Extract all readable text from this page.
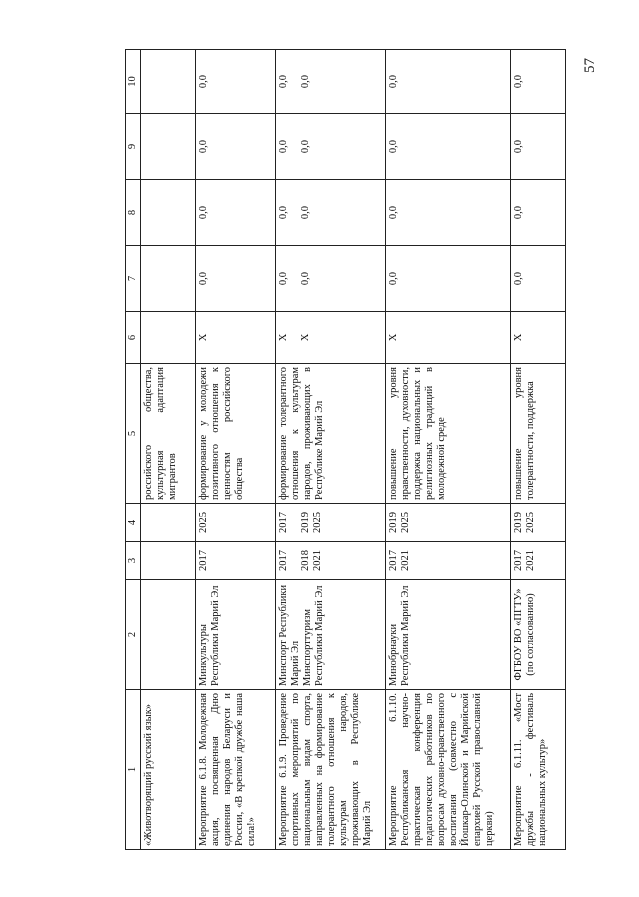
57
1	2	3	4	5	6	7	8	9	10
«Животворящий русский язык»				российского общества, культурная адаптация мигрантов					
Мероприятие 6.1.8. Молодежная акция, посвященная Дню единения народов Беларуси и России, «В крепкой дружбе наша сила!»	Минкультуры Республики Марий Эл	2017	2025	формирование у молодежи позитивного отношения к ценностям российского общества	X	0,0	0,0	0,0	0,0
Мероприятие 6.1.9. Проведение спортивных мероприятий по национальным видам спорта, направленных на формирование толерантного отношения к культурам народов, проживающих в Республике Марий Эл	Минспорт Республики Марий Эл Минспорттуризм Республики Марий Эл	2017 2018 2021	2017 2019 2025	формирование толерантного отношения к культурам народов, проживающих в Республике Марий Эл	X X	0,0 0,0	0,0 0,0	0,0 0,0	0,0 0,0

Мероприятие 6.1.10. Республиканская научно-практическая конференция педагогических работников по вопросам духовно-нравственного воспитания (совместно с Йошкар-Олинской и Марийской епархией Русской православной церкви)	Минобрнауки Республики Марий Эл	2017 2021	2019 2025	повышение уровня нравственности, духовности, поддержка национальных и религиозных традиций в молодежной среде	X	0,0	0,0	0,0	0,0
Мероприятие 6.1.11. «Мост дружбы - фестиваль национальных культур»	ФГБОУ ВО «ПГТУ» (по согласованию)	2017 2021	2019 2025	повышение уровня толерантности, поддержка	X	0,0	0,0	0,0	0,0
